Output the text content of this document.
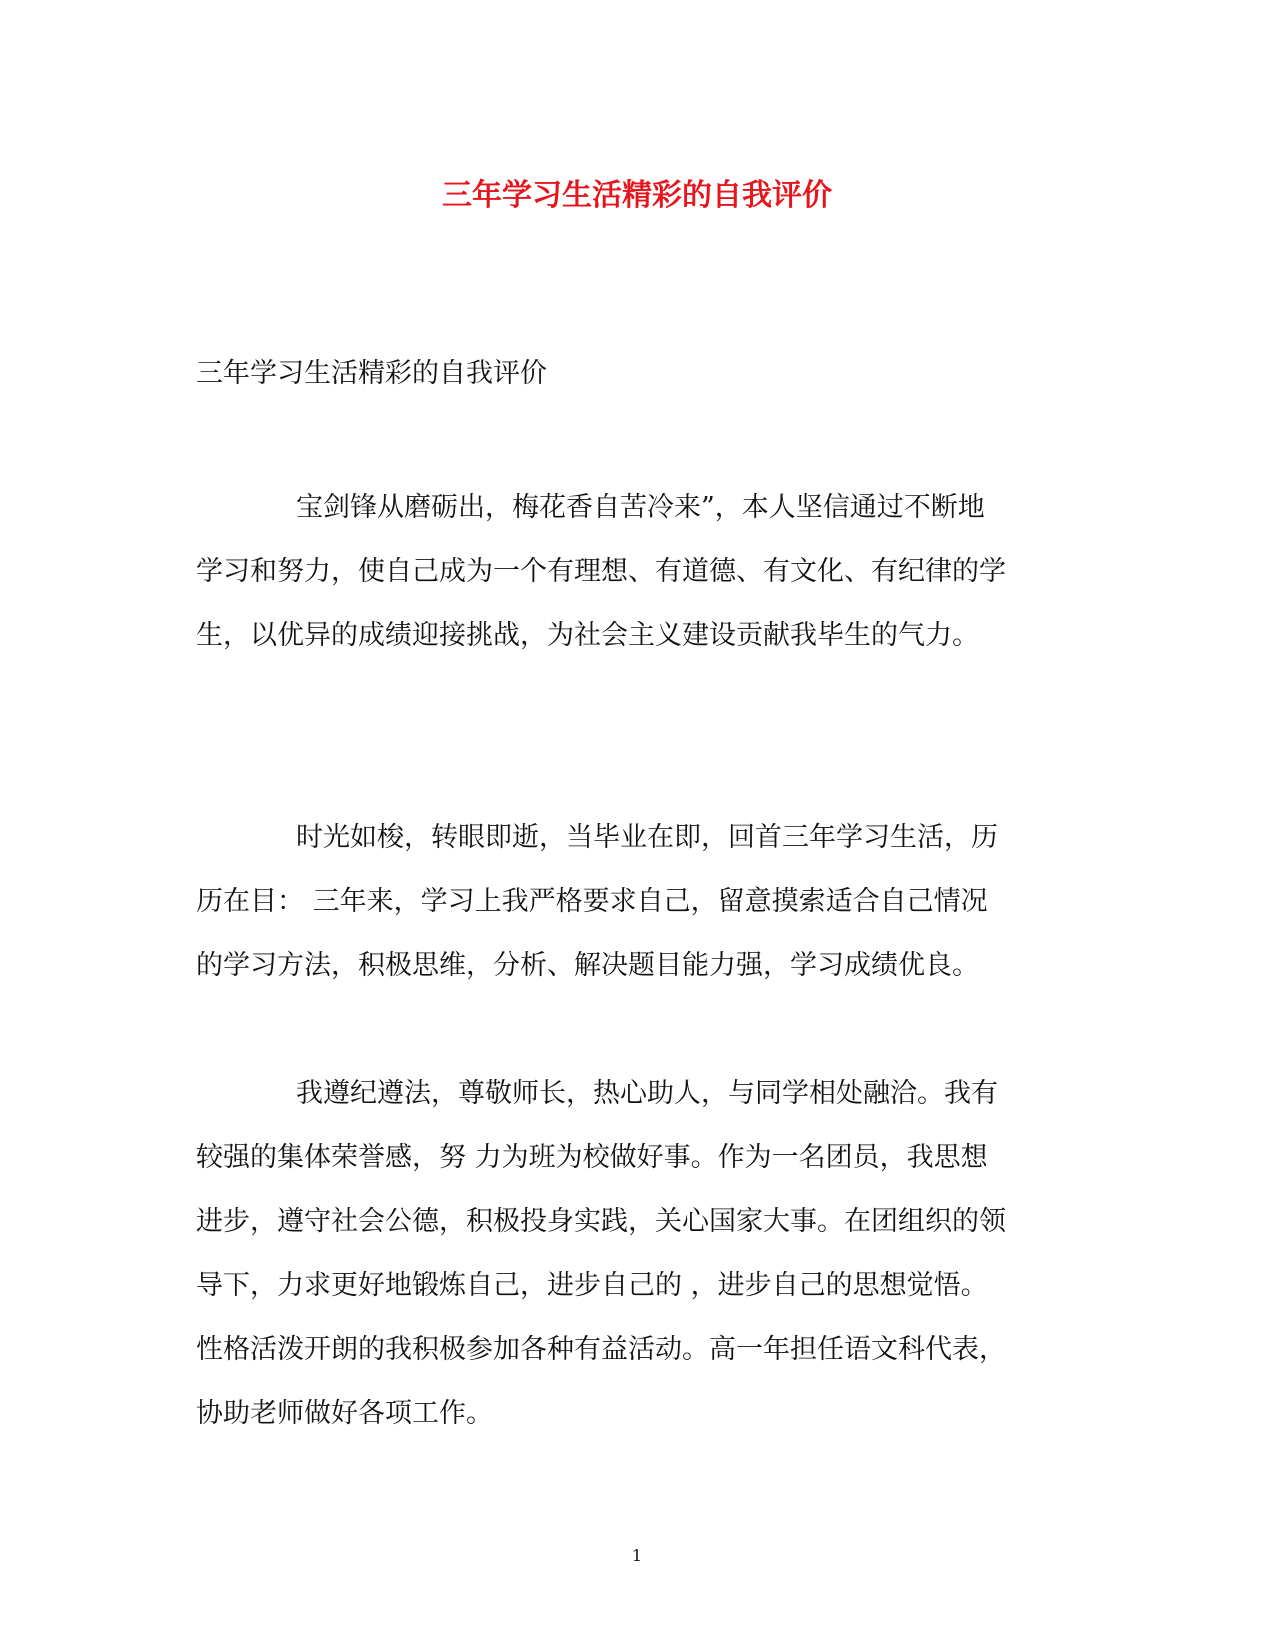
三年学习生活精彩的自我评价

三年学习生活精彩的自我评价

宝剑锋从磨砺出，梅花香自苦冷来”，本人坚信通过不断地
学习和努力，使自己成为一个有理想、有道德、有文化、有纪律的学
生，以优异的成绩迎接挑战，为社会主义建设贡献我毕生的气力。
时光如梭，转眼即逝，当毕业在即，回首三年学习生活，历
历在目： 三年来，学习上我严格要求自己，留意摸索适合自己情况
的学习方法，积极思维，分析、解决题目能力强，学习成绩优良。
我遵纪遵法，尊敬师长，热心助人，与同学相处融洽。我有
较强的集体荣誉感，努 力为班为校做好事。作为一名团员，我思想
进步，遵守社会公德，积极投身实践，关心国家大事。在团组织的领
导下，力求更好地锻炼自己，进步自己的 ，进步自己的思想觉悟。
性格活泼开朗的我积极参加各种有益活动。高一年担任语文科代表，
协助老师做好各项工作。

1
